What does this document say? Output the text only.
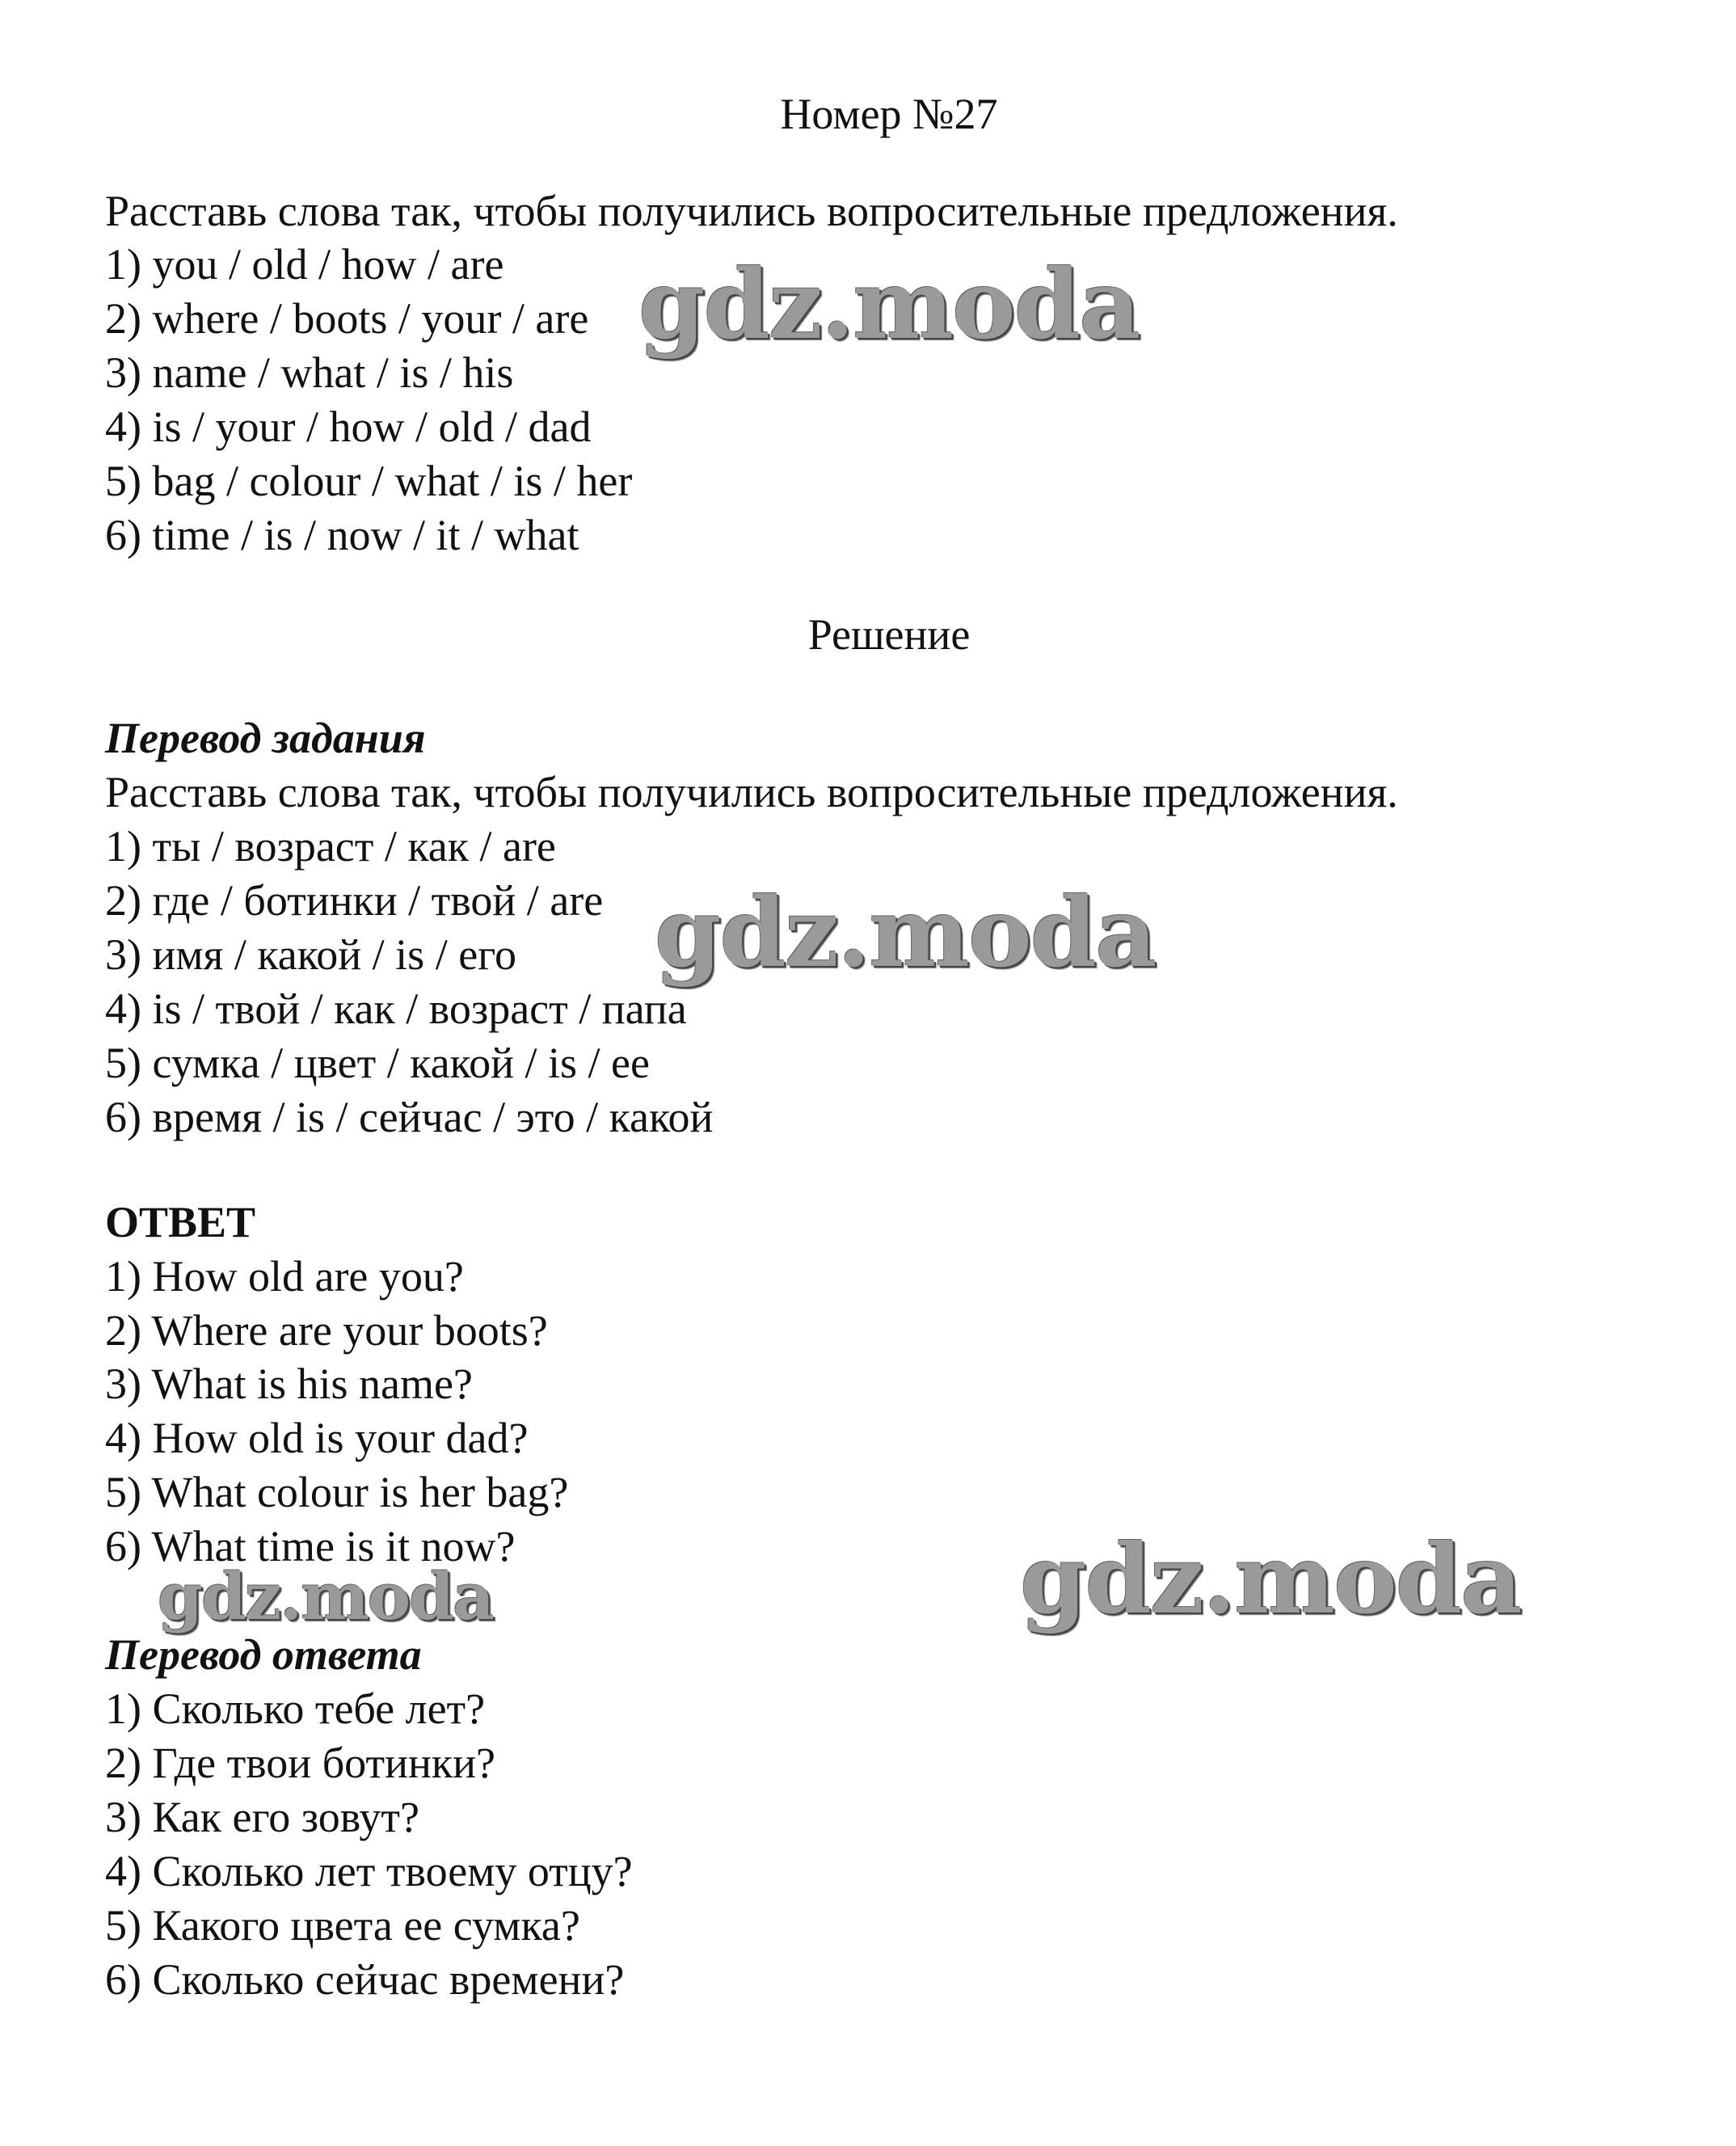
Номер №27
Расставь слова так, чтобы получились вопросительные предложения.
1) you / old / how / are
2) where / boots / your / are
3) name / what / is / his
4) is / your / how / old / dad
5) bag / colour / what / is / her
6) time / is / now / it / what
Решение
Перевод задания
Расставь слова так, чтобы получились вопросительные предложения.
1) ты / возраст / как / are
2) где / ботинки / твой / are
3) имя / какой / is / его
4) is / твой / как / возраст / папа
5) сумка / цвет / какой / is / ее
6) время / is / сейчас / это / какой
ОТВЕТ
1) How old are you?
2) Where are your boots?
3) What is his name?
4) How old is your dad?
5) What colour is her bag?
6) What time is it now?
Перевод ответа
1) Сколько тебе лет?
2) Где твои ботинки?
3) Как его зовут?
4) Сколько лет твоему отцу?
5) Какого цвета ее сумка?
6) Сколько сейчас времени?
gdz.moda
gdz.moda
gdz.moda	gdz.moda
